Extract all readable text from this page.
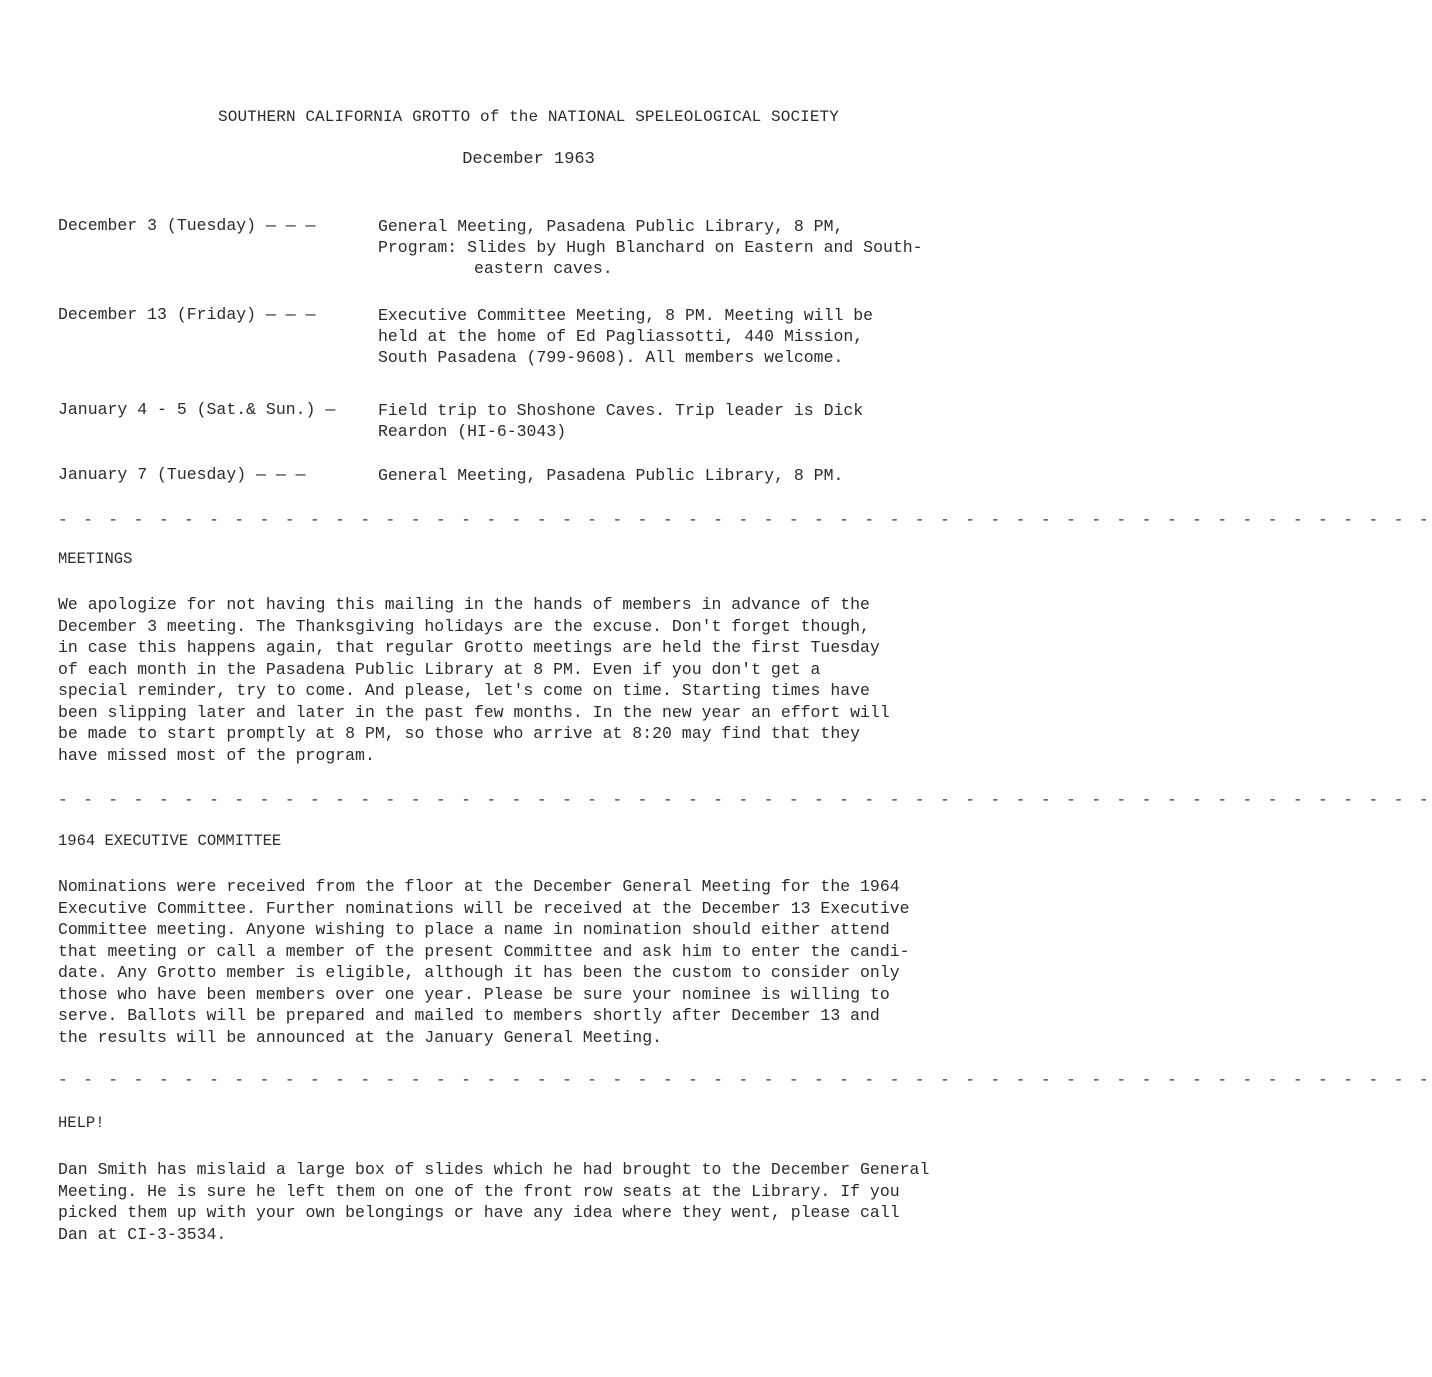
SOUTHERN CALIFORNIA GROTTO of the NATIONAL SPELEOLOGICAL SOCIETY
December 1963
December 3 (Tuesday) — — —	General Meeting, Pasadena Public Library, 8 PM,
Program: Slides by Hugh Blanchard on Eastern and South-
eastern caves.
December 13 (Friday) — — —	Executive Committee Meeting, 8 PM. Meeting will be
held at the home of Ed Pagliassotti, 440 Mission,
South Pasadena (799-9608). All members welcome.
January 4 - 5 (Sat.& Sun.) —	Field trip to Shoshone Caves. Trip leader is Dick
Reardon (HI-6-3043)
January 7 (Tuesday) — — —	General Meeting, Pasadena Public Library, 8 PM.
- - - - - - - - - - - - - - - - - - - - - - - - - - - - - - - - - - - - - - - - - - - - - - - - - - - - - - -
MEETINGS
We apologize for not having this mailing in the hands of members in advance of the
December 3 meeting. The Thanksgiving holidays are the excuse. Don't forget though,
in case this happens again, that regular Grotto meetings are held the first Tuesday
of each month in the Pasadena Public Library at 8 PM. Even if you don't get a
special reminder, try to come. And please, let's come on time. Starting times have
been slipping later and later in the past few months. In the new year an effort will
be made to start promptly at 8 PM, so those who arrive at 8:20 may find that they
have missed most of the program.
- - - - - - - - - - - - - - - - - - - - - - - - - - - - - - - - - - - - - - - - - - - - - - - - - - - - - - -
1964 EXECUTIVE COMMITTEE
Nominations were received from the floor at the December General Meeting for the 1964
Executive Committee. Further nominations will be received at the December 13 Executive
Committee meeting. Anyone wishing to place a name in nomination should either attend
that meeting or call a member of the present Committee and ask him to enter the candi-
date. Any Grotto member is eligible, although it has been the custom to consider only
those who have been members over one year. Please be sure your nominee is willing to
serve. Ballots will be prepared and mailed to members shortly after December 13 and
the results will be announced at the January General Meeting.
- - - - - - - - - - - - - - - - - - - - - - - - - - - - - - - - - - - - - - - - - - - - - - - - - - - - - - -
HELP!
Dan Smith has mislaid a large box of slides which he had brought to the December General
Meeting. He is sure he left them on one of the front row seats at the Library. If you
picked them up with your own belongings or have any idea where they went, please call
Dan at CI-3-3534.
